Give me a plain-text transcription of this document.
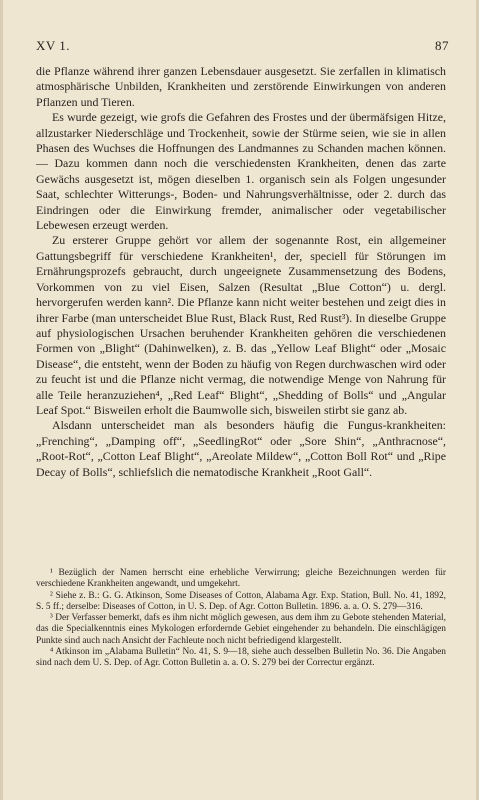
XV 1.	87

die Pflanze während ihrer ganzen Lebensdauer ausgesetzt. Sie zerfallen in klimatisch atmosphärische Unbilden, Krankheiten und zerstörende Einwirkungen von anderen Pflanzen und Tieren.

Es wurde gezeigt, wie grofs die Gefahren des Frostes und der übermäfsigen Hitze, allzustarker Niederschläge und Trockenheit, sowie der Stürme seien, wie sie in allen Phasen des Wuchses die Hoffnungen des Landmannes zu Schanden machen können. — Dazu kommen dann noch die verschiedensten Krankheiten, denen das zarte Gewächs ausgesetzt ist, mögen dieselben 1. organisch sein als Folgen ungesunder Saat, schlechter Witterungs-, Boden- und Nahrungsverhältnisse, oder 2. durch das Eindringen oder die Einwirkung fremder, animalischer oder vegetabilischer Lebewesen erzeugt werden.

Zu ersterer Gruppe gehört vor allem der sogenannte Rost, ein allgemeiner Gattungsbegriff für verschiedene Krankheiten¹, der, speciell für Störungen im Ernährungsprozefs gebraucht, durch ungeeignete Zusammensetzung des Bodens, Vorkommen von zu viel Eisen, Salzen (Resultat „Blue Cotton“) u. dergl. hervorgerufen werden kann². Die Pflanze kann nicht weiter bestehen und zeigt dies in ihrer Farbe (man unterscheidet Blue Rust, Black Rust, Red Rust³). In dieselbe Gruppe auf physiologischen Ursachen beruhender Krankheiten gehören die verschiedenen Formen von „Blight“ (Dahinwelken), z. B. das „Yellow Leaf Blight“ oder „Mosaic Disease“, die entsteht, wenn der Boden zu häufig von Regen durchwaschen wird oder zu feucht ist und die Pflanze nicht vermag, die notwendige Menge von Nahrung für alle Teile heranzuziehen⁴, „Red Leaf“ Blight“, „Shedding of Bolls“ und „Angular Leaf Spot.“ Bisweilen erholt die Baumwolle sich, bisweilen stirbt sie ganz ab.

Alsdann unterscheidet man als besonders häufig die Fungus-krankheiten: „Frenching“, „Damping off“, „SeedlingRot“ oder „Sore Shin“, „Anthracnose“, „Root-Rot“, „Cotton Leaf Blight“, „Areolate Mildew“, „Cotton Boll Rot“ und „Ripe Decay of Bolls“, schliefslich die nematodische Krankheit „Root Gall“.

¹ Bezüglich der Namen herrscht eine erhebliche Verwirrung; gleiche Bezeichnungen werden für verschiedene Krankheiten angewandt, und umgekehrt.

² Siehe z. B.: G. G. Atkinson, Some Diseases of Cotton, Alabama Agr. Exp. Station, Bull. No. 41, 1892, S. 5 ff.; derselbe: Diseases of Cotton, in U. S. Dep. of Agr. Cotton Bulletin. 1896. a. a. O. S. 279—316.

³ Der Verfasser bemerkt, dafs es ihm nicht möglich gewesen, aus dem ihm zu Gebote stehenden Material, das die Specialkenntnis eines Mykologen erfordernde Gebiet eingehender zu behandeln. Die einschlägigen Punkte sind auch nach Ansicht der Fachleute noch nicht befriedigend klargestellt.

⁴ Atkinson im „Alabama Bulletin“ No. 41, S. 9—18, siehe auch desselben Bulletin No. 36. Die Angaben sind nach dem U. S. Dep. of Agr. Cotton Bulletin a. a. O. S. 279 bei der Correctur ergänzt.
